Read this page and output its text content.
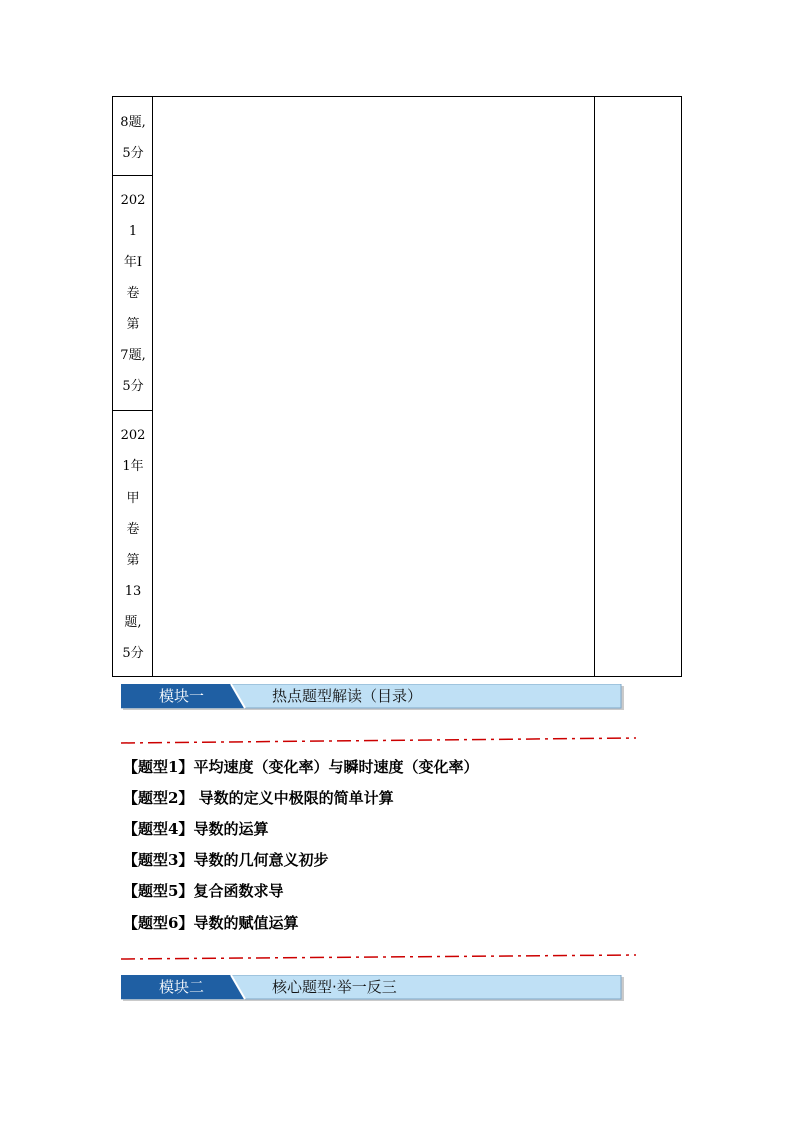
8题,
5分
202
1
年I
卷
第
7题,
5分
202
1年
甲
卷
第
13
题,
5分
模块一	热点题型解读（目录）
【题型1】平均速度（变化率）与瞬时速度（变化率）
【题型2】 导数的定义中极限的简单计算
【题型4】导数的运算
【题型3】导数的几何意义初步
【题型5】复合函数求导
【题型6】导数的赋值运算
模块二	核心题型·举一反三
